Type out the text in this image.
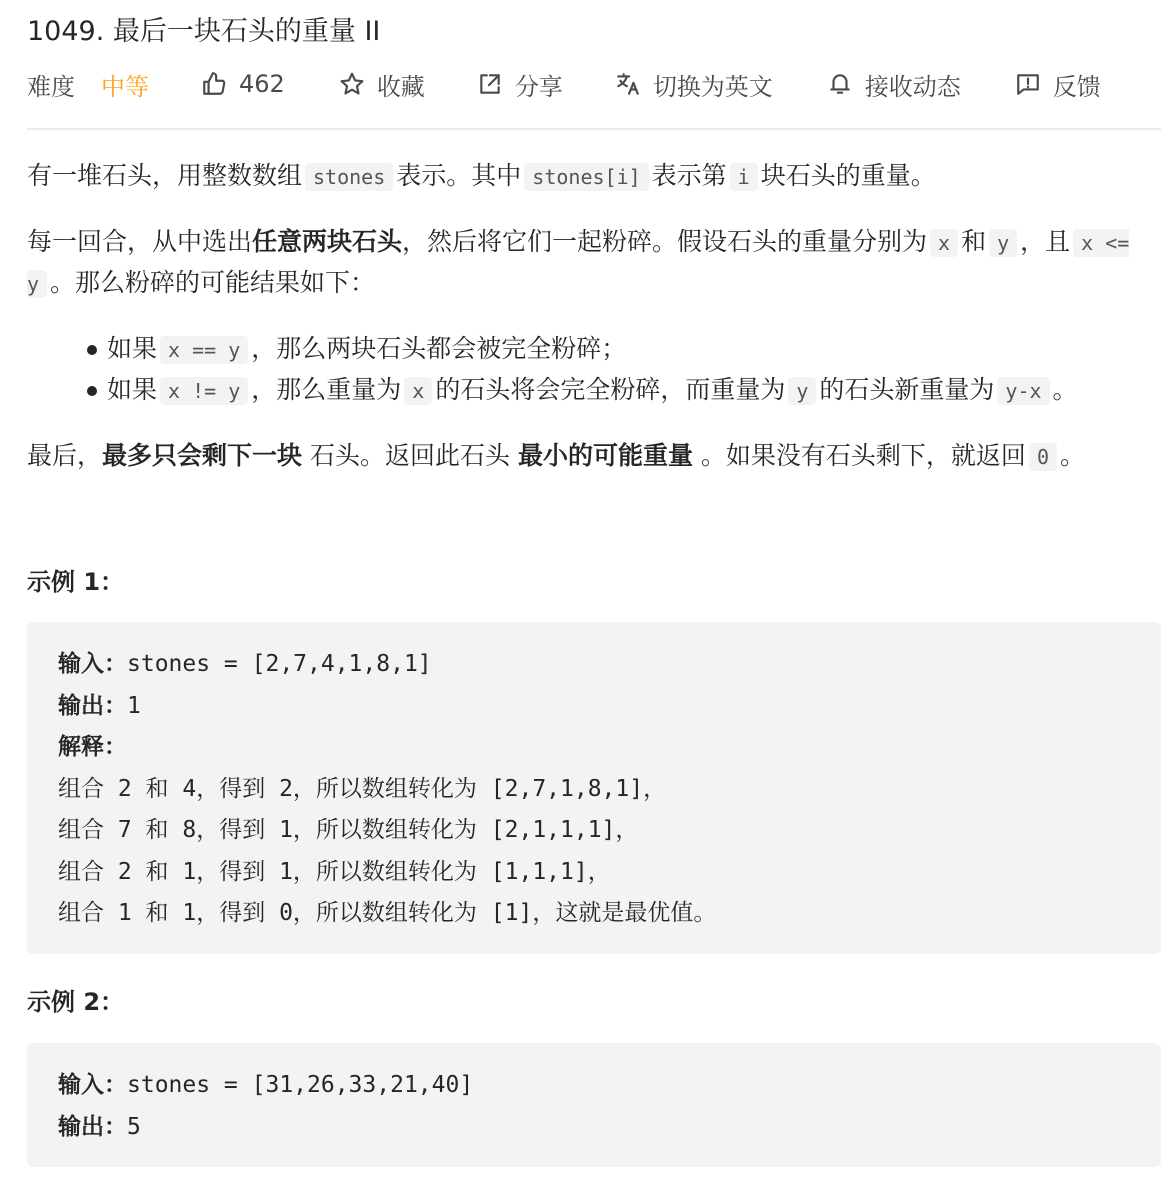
1049. 最后一块石头的重量 II
难度 中等	462	收藏	分享	切换为英文	接收动态	反馈

有一堆石头，用整数数组 stones 表示。其中 stones[i] 表示第 i 块石头的重量。

每一回合，从中选出任意两块石头，然后将它们一起粉碎。假设石头的重量分别为 x 和 y ，且 x <= y 。那么粉碎的可能结果如下：

如果 x == y ，那么两块石头都会被完全粉碎；
如果 x != y ，那么重量为 x 的石头将会完全粉碎，而重量为 y 的石头新重量为 y-x 。

最后，最多只会剩下一块 石头。返回此石头 最小的可能重量 。如果没有石头剩下，就返回 0 。

示例 1：
输入：stones = [2,7,4,1,8,1]
输出：1
解释：
组合 2 和 4，得到 2，所以数组转化为 [2,7,1,8,1]，
组合 7 和 8，得到 1，所以数组转化为 [2,1,1,1]，
组合 2 和 1，得到 1，所以数组转化为 [1,1,1]，
组合 1 和 1，得到 0，所以数组转化为 [1]，这就是最优值。
示例 2：
输入：stones = [31,26,33,21,40]
输出：5
